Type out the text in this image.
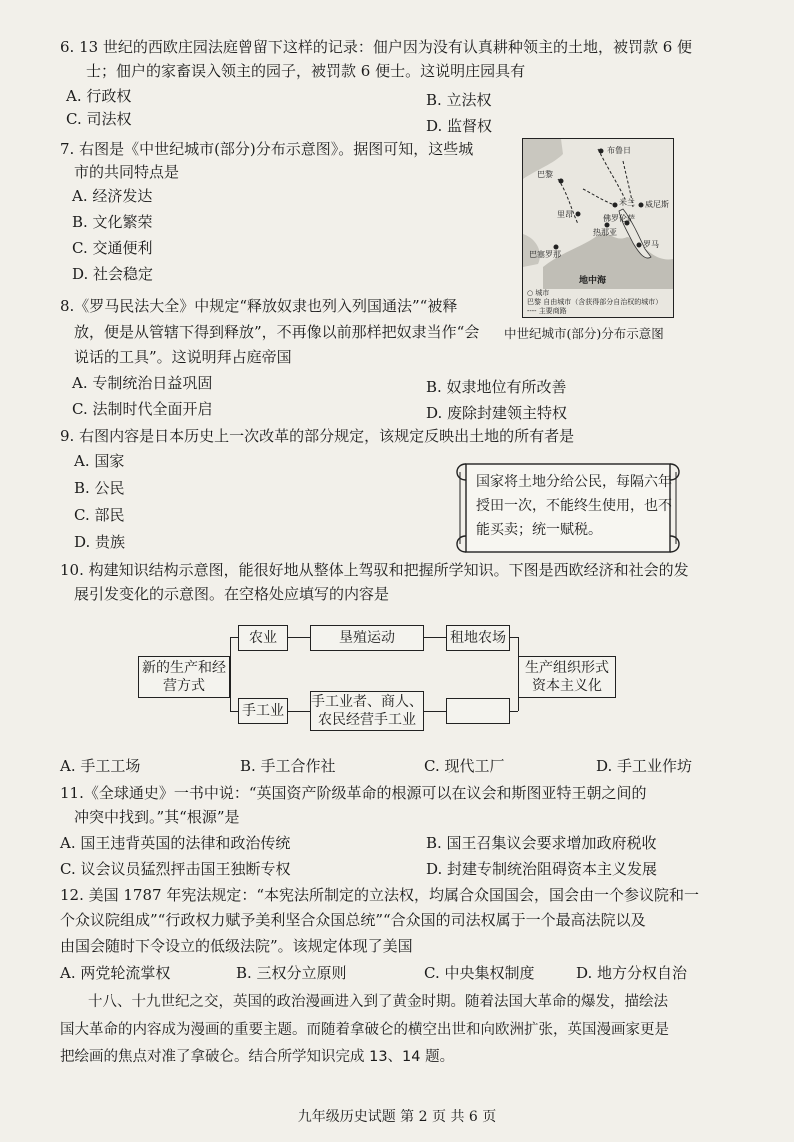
6. 13 世纪的西欧庄园法庭曾留下这样的记录：佃户因为没有认真耕种领主的土地，被罚款 6 便
士；佃户的家畜误入领主的园子，被罚款 6 便士。这说明庄园具有
A. 行政权	B. 立法权
C. 司法权	D. 监督权
7. 右图是《中世纪城市(部分)分布示意图》。据图可知，这些城
市的共同特点是
A. 经济发达
B. 文化繁荣
C. 交通便利
D. 社会稳定
巴黎
里昂
米兰
热那亚
巴塞罗那
威尼斯
罗马
布鲁日
佛罗伦萨
地中海
○ 城市
巴黎 自由城市（含获得部分自治权的城市）
---- 主要商路
中世纪城市(部分)分布示意图
8.《罗马民法大全》中规定“释放奴隶也列入列国通法”“被释
放，便是从管辖下得到释放”，不再像以前那样把奴隶当作“会
说话的工具”。这说明拜占庭帝国
A. 专制统治日益巩固	B. 奴隶地位有所改善
C. 法制时代全面开启	D. 废除封建领主特权
9. 右图内容是日本历史上一次改革的部分规定，该规定反映出土地的所有者是
A. 国家
B. 公民
C. 部民
D. 贵族
国家将土地分给公民，每隔六年授田一次，不能终生使用，也不能买卖；统一赋税。
10. 构建知识结构示意图，能很好地从整体上驾驭和把握所学知识。下图是西欧经济和社会的发
展引发变化的示意图。在空格处应填写的内容是
新的生产和经营方式
农业	垦殖运动	租地农场
手工业
手工业者、商人、农民经营手工业
生产组织形式资本主义化
A. 手工工场	B. 手工合作社	C. 现代工厂	D. 手工业作坊
11.《全球通史》一书中说：“英国资产阶级革命的根源可以在议会和斯图亚特王朝之间的
冲突中找到。”其“根源”是
A. 国王违背英国的法律和政治传统	B. 国王召集议会要求增加政府税收
C. 议会议员猛烈抨击国王独断专权	D. 封建专制统治阻碍资本主义发展
12. 美国 1787 年宪法规定：“本宪法所制定的立法权，均属合众国国会，国会由一个参议院和一
个众议院组成”“行政权力赋予美利坚合众国总统”“合众国的司法权属于一个最高法院以及
由国会随时下令设立的低级法院”。该规定体现了美国
A. 两党轮流掌权	B. 三权分立原则	C. 中央集权制度	D. 地方分权自治
十八、十九世纪之交，英国的政治漫画进入到了黄金时期。随着法国大革命的爆发，描绘法
国大革命的内容成为漫画的重要主题。而随着拿破仑的横空出世和向欧洲扩张，英国漫画家更是
把绘画的焦点对准了拿破仑。结合所学知识完成 13、14 题。
九年级历史试题 第 2 页 共 6 页
